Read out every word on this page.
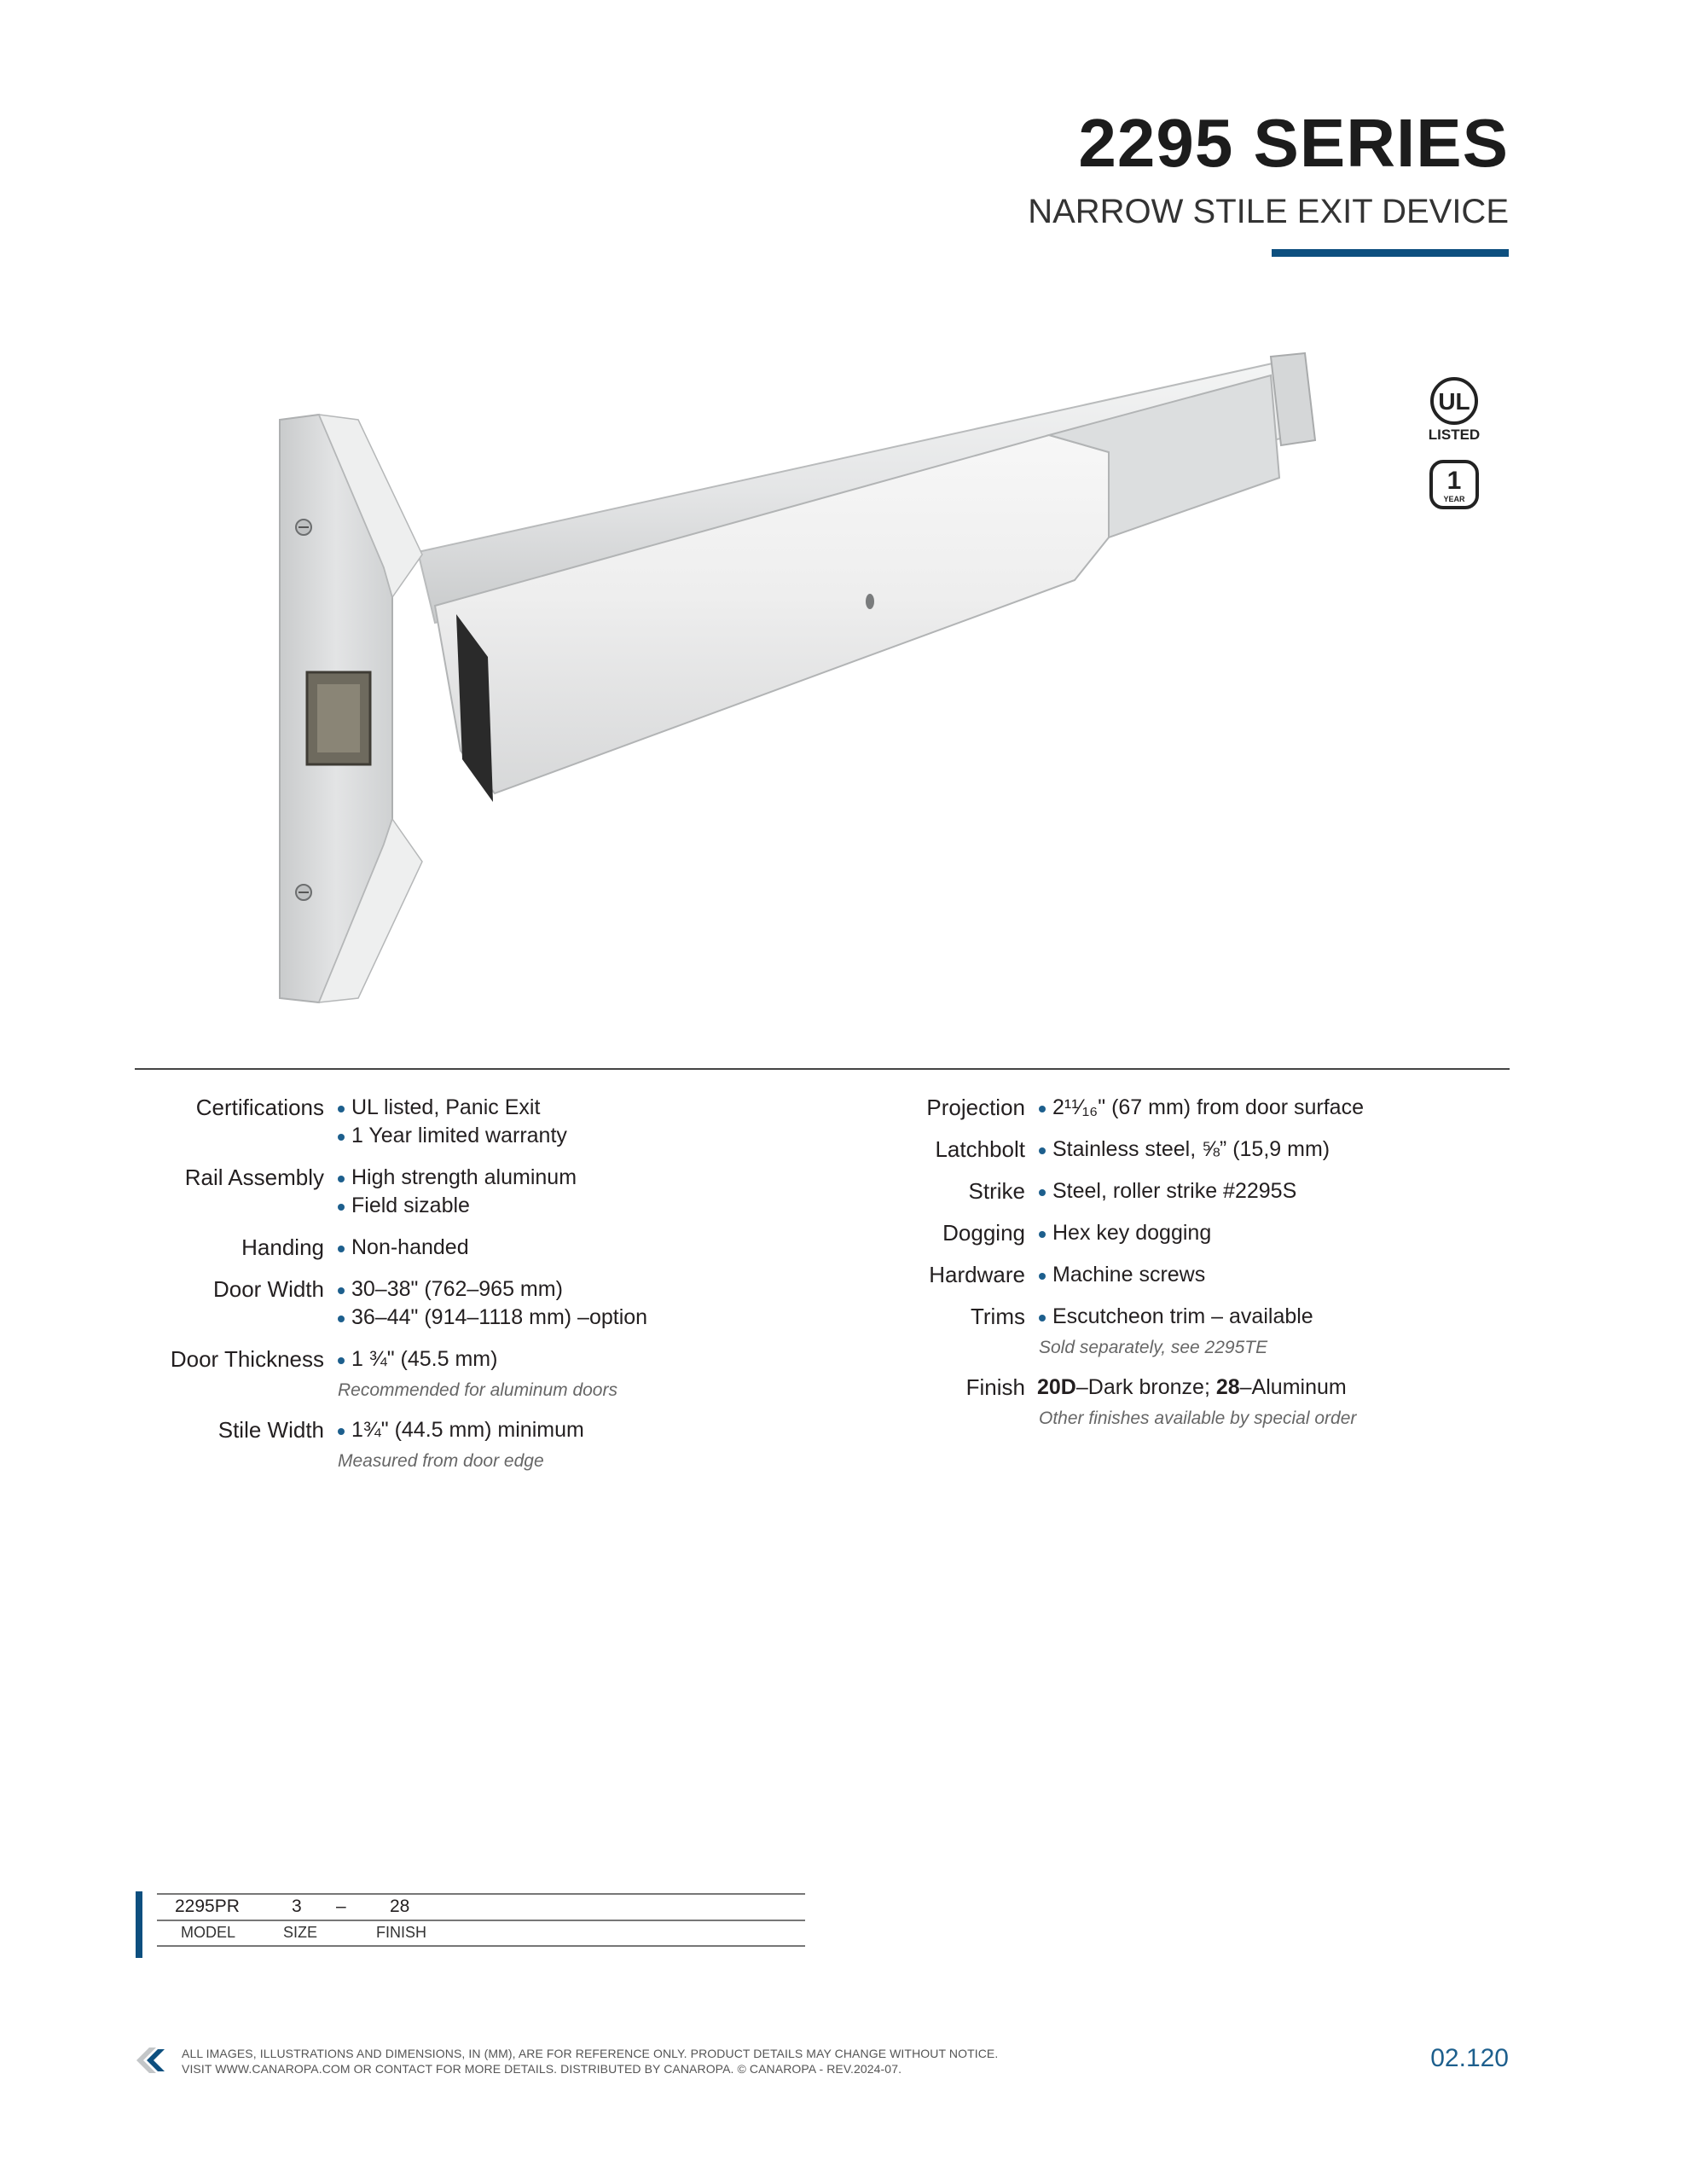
2295 SERIES
NARROW STILE EXIT DEVICE
UL
LISTED
1
YEAR
Certifications	UL listed, Panic Exit
1 Year limited warranty
Rail Assembly	High strength aluminum
Field sizable
Handing	Non-handed
Door Width	30–38" (762–965 mm)
36–44" (914–1118 mm) –option
Door Thickness	1 ¾" (45.5 mm)
Recommended for aluminum doors
Stile Width	1¾" (44.5 mm) minimum
Measured from door edge
Projection	2¹¹⁄₁₆" (67 mm) from door surface
Latchbolt	Stainless steel, ⅝” (15,9 mm)
Strike	Steel, roller strike #2295S
Dogging	Hex key dogging
Hardware	Machine screws
Trims	Escutcheon trim – available
Sold separately, see 2295TE
Finish 20D–Dark bronze; 28–Aluminum
Other finishes available by special order
2295PR	3 – 28
MODEL	SIZE	FINISH
ALL IMAGES, ILLUSTRATIONS AND DIMENSIONS, IN (MM), ARE FOR REFERENCE ONLY. PRODUCT DETAILS MAY CHANGE WITHOUT NOTICE.
VISIT WWW.CANAROPA.COM OR CONTACT FOR MORE DETAILS. DISTRIBUTED BY CANAROPA. © CANAROPA - REV.2024-07.	02.120
